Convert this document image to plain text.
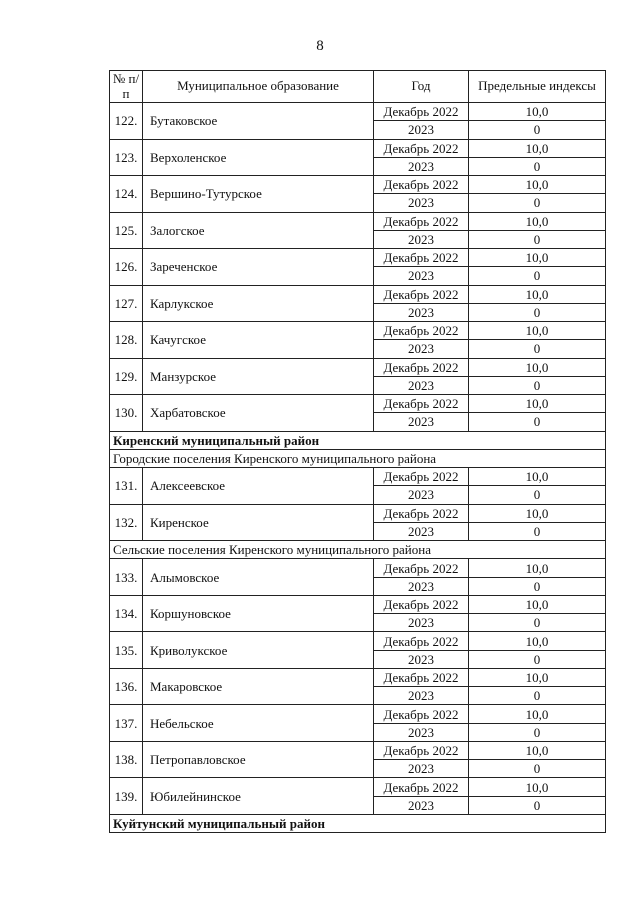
8
№ п/п	Муниципальное образование	Год	Предельные индексы
122.	Бутаковское	Декабрь 2022	10,0
		2023	0
123.	Верхоленское	Декабрь 2022	10,0
		2023	0
124.	Вершино-Тутурское	Декабрь 2022	10,0
		2023	0
125.	Залогское	Декабрь 2022	10,0
		2023	0
126.	Зареченское	Декабрь 2022	10,0
		2023	0
127.	Карлукское	Декабрь 2022	10,0
		2023	0
128.	Качугское	Декабрь 2022	10,0
		2023	0
129.	Манзурское	Декабрь 2022	10,0
		2023	0
130.	Харбатовское	Декабрь 2022	10,0
		2023	0
Киренский муниципальный район			
Городские поселения Киренского муниципального района			
131.	Алексеевское	Декабрь 2022	10,0
		2023	0
132.	Киренское	Декабрь 2022	10,0
		2023	0
Сельские поселения Киренского муниципального района			
133.	Алымовское	Декабрь 2022	10,0
		2023	0
134.	Коршуновское	Декабрь 2022	10,0
		2023	0
135.	Криволукское	Декабрь 2022	10,0
		2023	0
136.	Макаровское	Декабрь 2022	10,0
		2023	0
137.	Небельское	Декабрь 2022	10,0
		2023	0
138.	Петропавловское	Декабрь 2022	10,0
		2023	0
139.	Юбилейнинское	Декабрь 2022	10,0
		2023	0
Куйтунский муниципальный район			
